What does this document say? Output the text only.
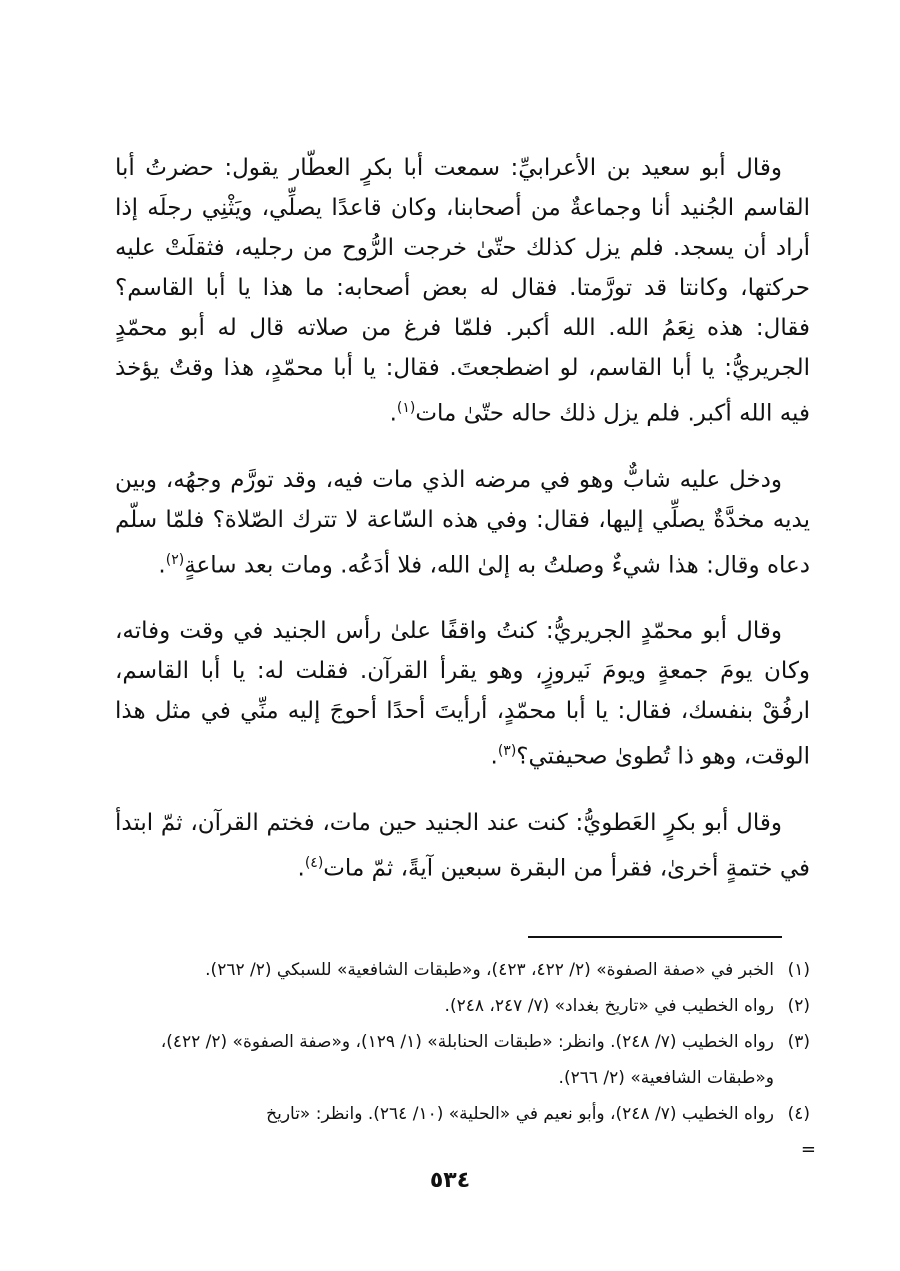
وقال أبو سعيد بن الأعرابيِّ: سمعت أبا بكرٍ العطّار يقول: حضرتُ أبا القاسم الجُنيد أنا وجماعةٌ من أصحابنا، وكان قاعدًا يصلِّي، ويَثْنِي رجلَه إذا أراد أن يسجد. فلم يزل كذلك حتّىٰ خرجت الرُّوح من رجليه، فثقلَتْ عليه حركتها، وكانتا قد تورَّمتا. فقال له بعض أصحابه: ما هذا يا أبا القاسم؟ فقال: هذه نِعَمُ الله. الله أكبر. فلمّا فرغ من صلاته قال له أبو محمّدٍ الجريريُّ: يا أبا القاسم، لو اضطجعتَ. فقال: يا أبا محمّدٍ، هذا وقتٌ يؤخذ فيه الله أكبر. فلم يزل ذلك حاله حتّىٰ مات$^{(١)}$.

ودخل عليه شابٌّ وهو في مرضه الذي مات فيه، وقد تورَّم وجهُه، وبين يديه مخدَّةٌ يصلِّي إليها، فقال: وفي هذه السّاعة لا تترك الصّلاة؟ فلمّا سلّم دعاه وقال: هذا شيءٌ وصلتُ به إلىٰ الله، فلا أدَعُه. ومات بعد ساعةٍ$^{(٢)}$.

وقال أبو محمّدٍ الجريريُّ: كنتُ واقفًا علىٰ رأس الجنيد في وقت وفاته، وكان يومَ جمعةٍ ويومَ نَيروزٍ، وهو يقرأ القرآن. فقلت له: يا أبا القاسم، ارفُقْ بنفسك، فقال: يا أبا محمّدٍ، أرأيتَ أحدًا أحوجَ إليه منِّي في مثل هذا الوقت، وهو ذا تُطوىٰ صحيفتي؟$^{(٣)}$.

وقال أبو بكرٍ العَطويُّ: كنت عند الجنيد حين مات، فختم القرآن، ثمّ ابتدأ في ختمةٍ أخرىٰ، فقرأ من البقرة سبعين آيةً، ثمّ مات$^{(٤)}$.

(١)
الخبر في «صفة الصفوة» (٢/ ٤٢٢، ٤٢٣)، و«طبقات الشافعية» للسبكي (٢/ ٢٦٢).
(٢)
رواه الخطيب في «تاريخ بغداد» (٧/ ٢٤٧، ٢٤٨).
(٣)
رواه الخطيب (٧/ ٢٤٨). وانظر: «طبقات الحنابلة» (١/ ١٢٩)، و«صفة الصفوة» (٢/ ٤٢٢)، و«طبقات الشافعية» (٢/ ٢٦٦).
(٤)
رواه الخطيب (٧/ ٢٤٨)، وأبو نعيم في «الحلية» (١٠/ ٢٦٤). وانظر: «تاريخ
=
٥٣٤
